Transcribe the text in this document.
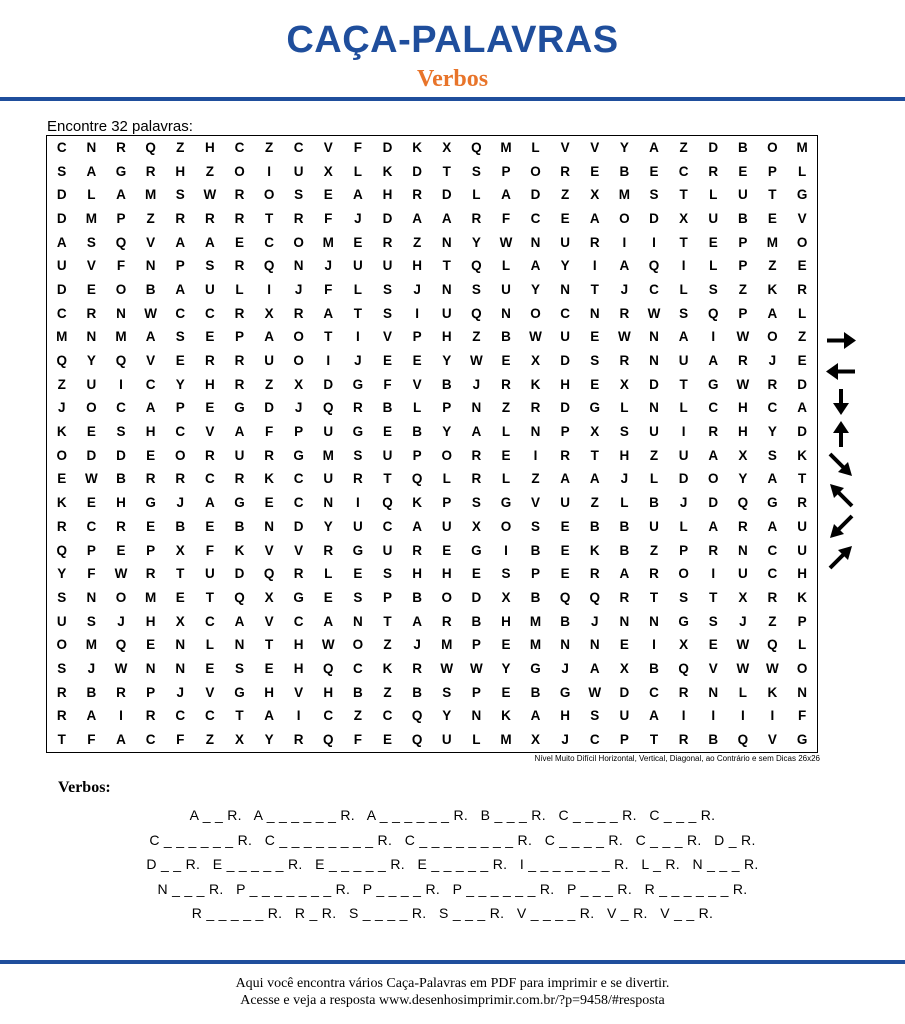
CAÇA-PALAVRAS
Verbos
Encontre 32 palavras:
C	N	R	Q	Z	H	C	Z	C	V	F	D	K	X	Q	M	L	V	V	Y	A	Z	D	B	O	M
S	A	G	R	H	Z	O	I	U	X	L	K	D	T	S	P	O	R	E	B	E	C	R	E	P	L
D	L	A	M	S	W	R	O	S	E	A	H	R	D	L	A	D	Z	X	M	S	T	L	U	T	G
D	M	P	Z	R	R	R	T	R	F	J	D	A	A	R	F	C	E	A	O	D	X	U	B	E	V
A	S	Q	V	A	A	E	C	O	M	E	R	Z	N	Y	W	N	U	R	I	I	T	E	P	M	O
U	V	F	N	P	S	R	Q	N	J	U	U	H	T	Q	L	A	Y	I	A	Q	I	L	P	Z	E
D	E	O	B	A	U	L	I	J	F	L	S	J	N	S	U	Y	N	T	J	C	L	S	Z	K	R
C	R	N	W	C	C	R	X	R	A	T	S	I	U	Q	N	O	C	N	R	W	S	Q	P	A	L
M	N	M	A	S	E	P	A	O	T	I	V	P	H	Z	B	W	U	E	W	N	A	I	W	O	Z
Q	Y	Q	V	E	R	R	U	O	I	J	E	E	Y	W	E	X	D	S	R	N	U	A	R	J	E
Z	U	I	C	Y	H	R	Z	X	D	G	F	V	B	J	R	K	H	E	X	D	T	G	W	R	D
J	O	C	A	P	E	G	D	J	Q	R	B	L	P	N	Z	R	D	G	L	N	L	C	H	C	A
K	E	S	H	C	V	A	F	P	U	G	E	B	Y	A	L	N	P	X	S	U	I	R	H	Y	D
O	D	D	E	O	R	U	R	G	M	S	U	P	O	R	E	I	R	T	H	Z	U	A	X	S	K
E	W	B	R	R	C	R	K	C	U	R	T	Q	L	R	L	Z	A	A	J	L	D	O	Y	A	T
K	E	H	G	J	A	G	E	C	N	I	Q	K	P	S	G	V	U	Z	L	B	J	D	Q	G	R
R	C	R	E	B	E	B	N	D	Y	U	C	A	U	X	O	S	E	B	B	U	L	A	R	A	U
Q	P	E	P	X	F	K	V	V	R	G	U	R	E	G	I	B	E	K	B	Z	P	R	N	C	U
Y	F	W	R	T	U	D	Q	R	L	E	S	H	H	E	S	P	E	R	A	R	O	I	U	C	H
S	N	O	M	E	T	Q	X	G	E	S	P	B	O	D	X	B	Q	Q	R	T	S	T	X	R	K
U	S	J	H	X	C	A	V	C	A	N	T	A	R	B	H	M	B	J	N	N	G	S	J	Z	P
O	M	Q	E	N	L	N	T	H	W	O	Z	J	M	P	E	M	N	N	E	I	X	E	W	Q	L
S	J	W	N	N	E	S	E	H	Q	C	K	R	W	W	Y	G	J	A	X	B	Q	V	W	W	O
R	B	R	P	J	V	G	H	V	H	B	Z	B	S	P	E	B	G	W	D	C	R	N	L	K	N
R	A	I	R	C	C	T	A	I	C	Z	C	Q	Y	N	K	A	H	S	U	A	I	I	I	I	F
T	F	A	C	F	Z	X	Y	R	Q	F	E	Q	U	L	M	X	J	C	P	T	R	B	Q	V	G
Nível Muito Difícil Horizontal, Vertical, Diagonal, ao Contrário e sem Dicas 26x26
Verbos:
A _ _ R.   A _ _ _ _ _ _ R.   A _ _ _ _ _ _ R.   B _ _ _ R.   C _ _ _ _ R.   C _ _ _ R.
C _ _ _ _ _ _ R.   C _ _ _ _ _ _ _ _ R.   C _ _ _ _ _ _ _ _ R.   C _ _ _ _ R.   C _ _ _ R.   D _ R.
D _ _ R.   E _ _ _ _ _ R.   E _ _ _ _ _ R.   E _ _ _ _ _ R.   I _ _ _ _ _ _ _ R.   L _ R.   N _ _ _ R.
N _ _ _ R.   P _ _ _ _ _ _ _ R.   P _ _ _ _ R.   P _ _ _ _ _ _ R.   P _ _ _ R.   R _ _ _ _ _ _ R.
R _ _ _ _ _ R.   R _ R.   S _ _ _ _ R.   S _ _ _ R.   V _ _ _ _ R.   V _ R.   V _ _ R.
Aqui você encontra vários Caça-Palavras em PDF para imprimir e se divertir.
Acesse e veja a resposta www.desenhosimprimir.com.br/?p=9458/#resposta
